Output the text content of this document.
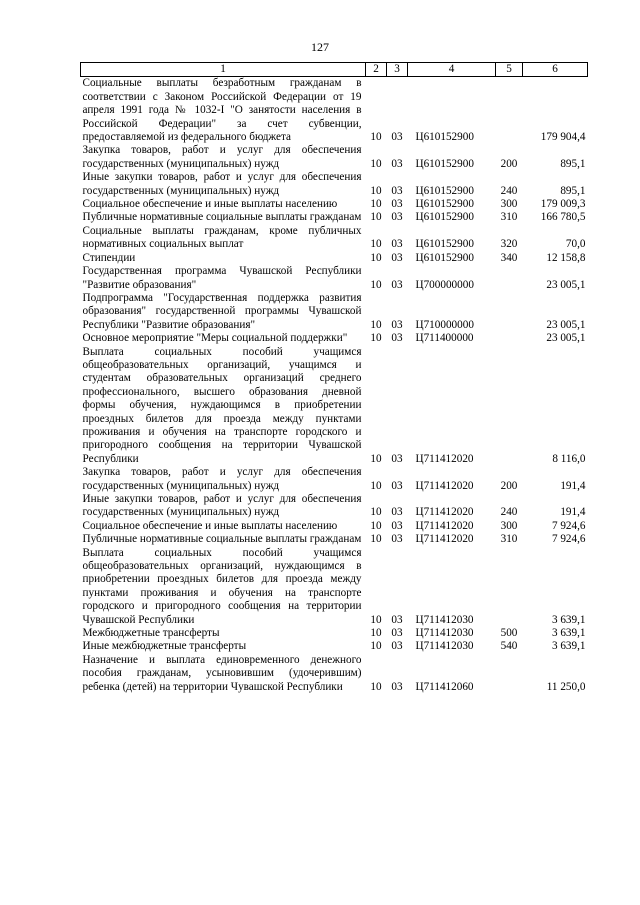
127
1	2	3	4	5	6
Социальные выплаты безработным гражданам в соответствии с Законом Российской Федерации от 19 апреля 1991 года № 1032-I "О занятости населения в Российской Федерации" за счет субвенции, предоставляемой из федерального бюджета	10	03	Ц610152900		179 904,4
Закупка товаров, работ и услуг для обеспечения государственных (муниципальных) нужд	10	03	Ц610152900	200	895,1
Иные закупки товаров, работ и услуг для обеспечения государственных (муниципальных) нужд	10	03	Ц610152900	240	895,1
Социальное обеспечение и иные выплаты населению	10	03	Ц610152900	300	179 009,3
Публичные нормативные социальные выплаты гражданам	10	03	Ц610152900	310	166 780,5
Социальные выплаты гражданам, кроме публичных нормативных социальных выплат	10	03	Ц610152900	320	70,0
Стипендии	10	03	Ц610152900	340	12 158,8
Государственная программа Чувашской Республики "Развитие образования"	10	03	Ц700000000		23 005,1
Подпрограмма "Государственная поддержка развития образования" государственной программы Чувашской Республики "Развитие образования"	10	03	Ц710000000		23 005,1
Основное мероприятие "Меры социальной поддержки"	10	03	Ц711400000		23 005,1
Выплата социальных пособий учащимся общеобразовательных организаций, учащимся и студентам образовательных организаций среднего профессионального, высшего образования дневной формы обучения, нуждающимся в приобретении проездных билетов для проезда между пунктами проживания и обучения на транспорте городского и пригородного сообщения на территории Чувашской Республики	10	03	Ц711412020		8 116,0
Закупка товаров, работ и услуг для обеспечения государственных (муниципальных) нужд	10	03	Ц711412020	200	191,4
Иные закупки товаров, работ и услуг для обеспечения государственных (муниципальных) нужд	10	03	Ц711412020	240	191,4
Социальное обеспечение и иные выплаты населению	10	03	Ц711412020	300	7 924,6
Публичные нормативные социальные выплаты гражданам	10	03	Ц711412020	310	7 924,6
Выплата социальных пособий учащимся общеобразовательных организаций, нуждающимся в приобретении проездных билетов для проезда между пунктами проживания и обучения на транспорте городского и пригородного сообщения на территории Чувашской Республики	10	03	Ц711412030		3 639,1
Межбюджетные трансферты	10	03	Ц711412030	500	3 639,1
Иные межбюджетные трансферты	10	03	Ц711412030	540	3 639,1
Назначение и выплата единовременного денежного пособия гражданам, усыновившим (удочерившим) ребенка (детей) на территории Чувашской Республики	10	03	Ц711412060		11 250,0
